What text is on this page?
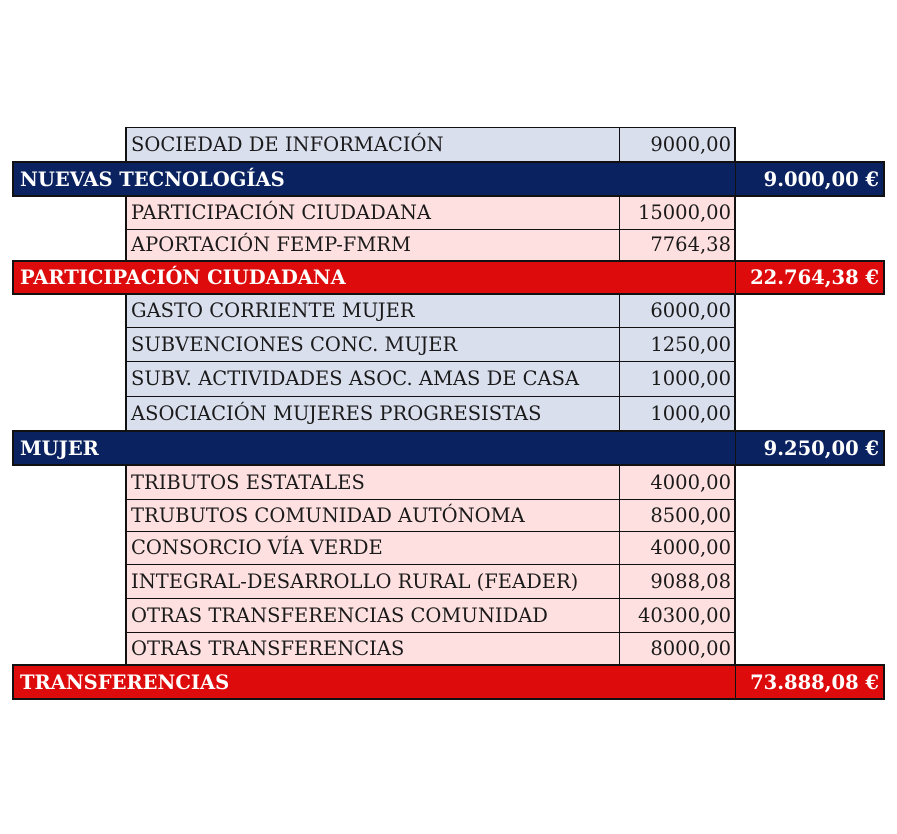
SOCIEDAD DE INFORMACIÓN	9000,00
NUEVAS TECNOLOGÍAS	9.000,00 €
PARTICIPACIÓN CIUDADANA	15000,00
APORTACIÓN FEMP-FMRM	7764,38
PARTICIPACIÓN CIUDADANA	22.764,38 €
GASTO CORRIENTE MUJER	6000,00
SUBVENCIONES CONC. MUJER	1250,00
SUBV. ACTIVIDADES ASOC. AMAS DE CASA	1000,00
ASOCIACIÓN MUJERES PROGRESISTAS	1000,00
MUJER	9.250,00 €
TRIBUTOS ESTATALES	4000,00
TRUBUTOS COMUNIDAD AUTÓNOMA	8500,00
CONSORCIO VÍA VERDE	4000,00
INTEGRAL-DESARROLLO RURAL (FEADER)	9088,08
OTRAS TRANSFERENCIAS COMUNIDAD	40300,00
OTRAS TRANSFERENCIAS	8000,00
TRANSFERENCIAS	73.888,08 €
